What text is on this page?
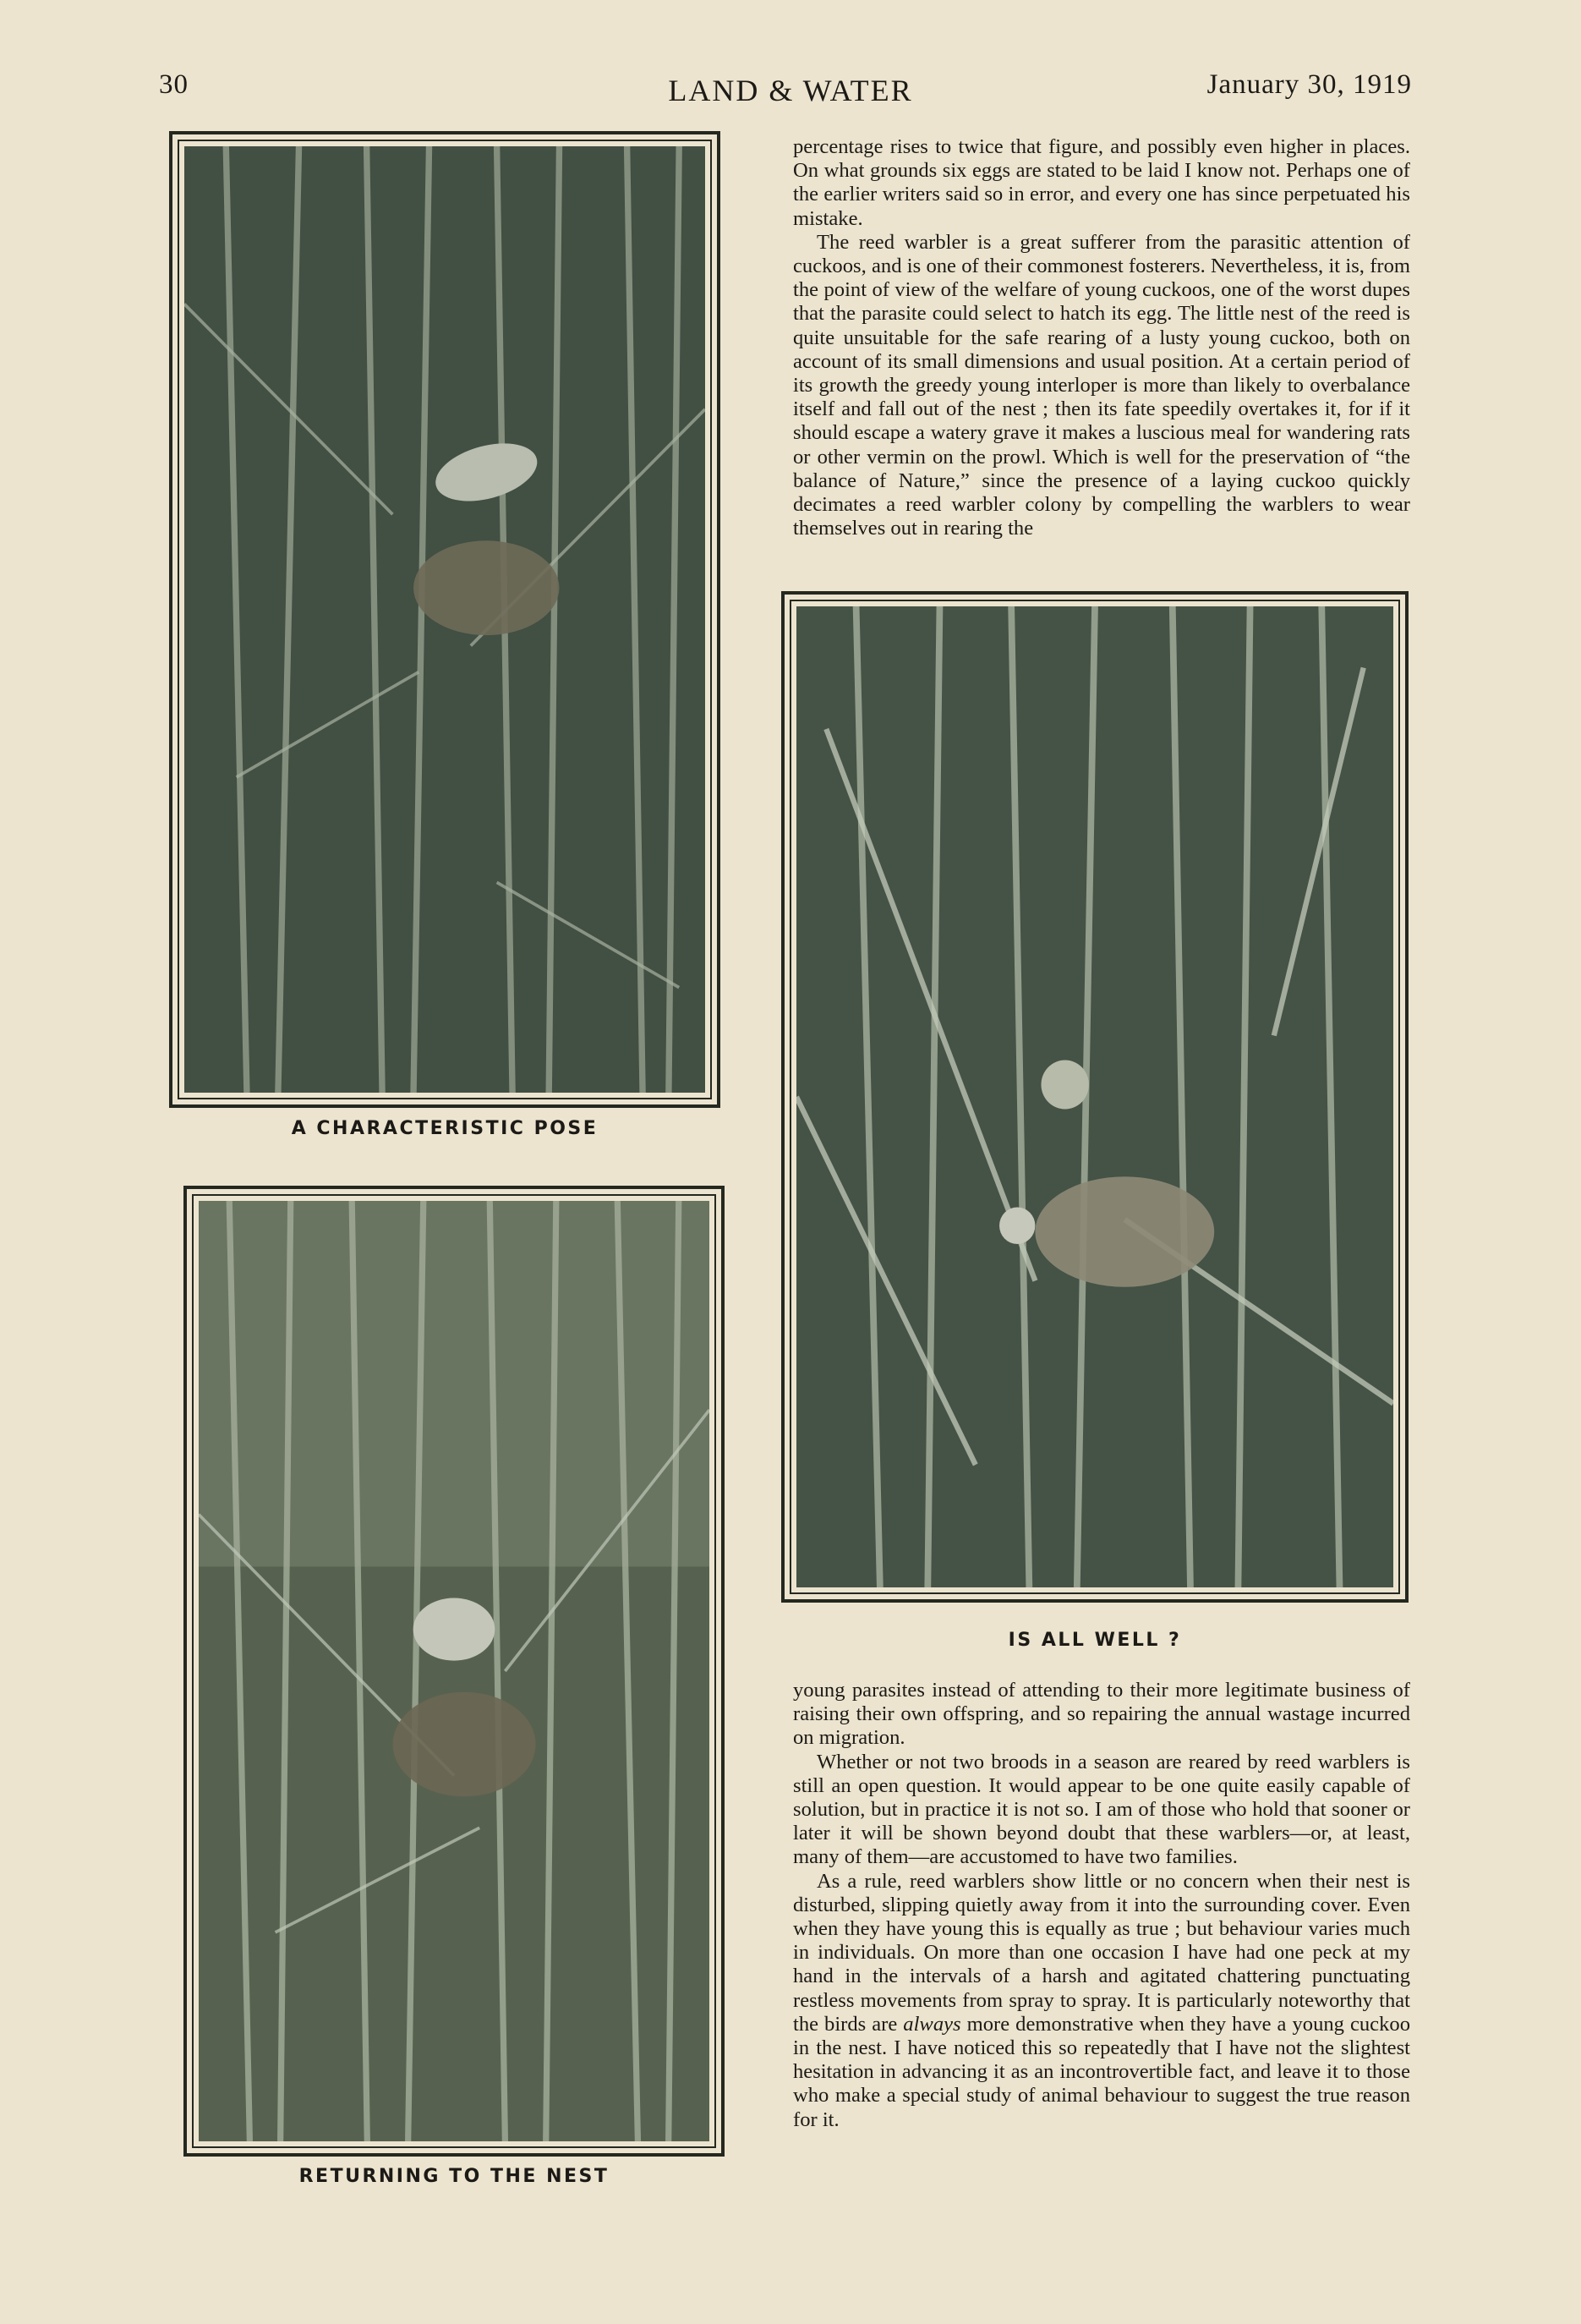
30	LAND & WATER	January 30, 1919
A CHARACTERISTIC POSE
RETURNING TO THE NEST
IS ALL WELL ?

percentage rises to twice that figure, and possibly even higher in places. On what grounds six eggs are stated to be laid I know not. Perhaps one of the earlier writers said so in error, and every one has since perpetuated his mistake.

The reed warbler is a great sufferer from the parasitic attention of cuckoos, and is one of their commonest fosterers. Nevertheless, it is, from the point of view of the welfare of young cuckoos, one of the worst dupes that the parasite could select to hatch its egg. The little nest of the reed is quite unsuitable for the safe rearing of a lusty young cuckoo, both on account of its small dimensions and usual position. At a certain period of its growth the greedy young interloper is more than likely to overbalance itself and fall out of the nest ; then its fate speedily overtakes it, for if it should escape a watery grave it makes a luscious meal for wandering rats or other vermin on the prowl. Which is well for the preservation of “the balance of Nature,” since the presence of a laying cuckoo quickly decimates a reed warbler colony by compelling the warblers to wear themselves out in rearing the

young parasites instead of attending to their more legitimate business of raising their own offspring, and so repairing the annual wastage incurred on migration.

Whether or not two broods in a season are reared by reed warblers is still an open question. It would appear to be one quite easily capable of solution, but in practice it is not so. I am of those who hold that sooner or later it will be shown beyond doubt that these warblers—or, at least, many of them—are accustomed to have two families.

As a rule, reed warblers show little or no concern when their nest is disturbed, slipping quietly away from it into the surrounding cover. Even when they have young this is equally as true ; but behaviour varies much in individuals. On more than one occasion I have had one peck at my hand in the intervals of a harsh and agitated chattering punctuating restless movements from spray to spray. It is particularly noteworthy that the birds are always more demonstrative when they have a young cuckoo in the nest. I have noticed this so repeatedly that I have not the slightest hesitation in advancing it as an incontrovertible fact, and leave it to those who make a special study of animal behaviour to suggest the true reason for it.
